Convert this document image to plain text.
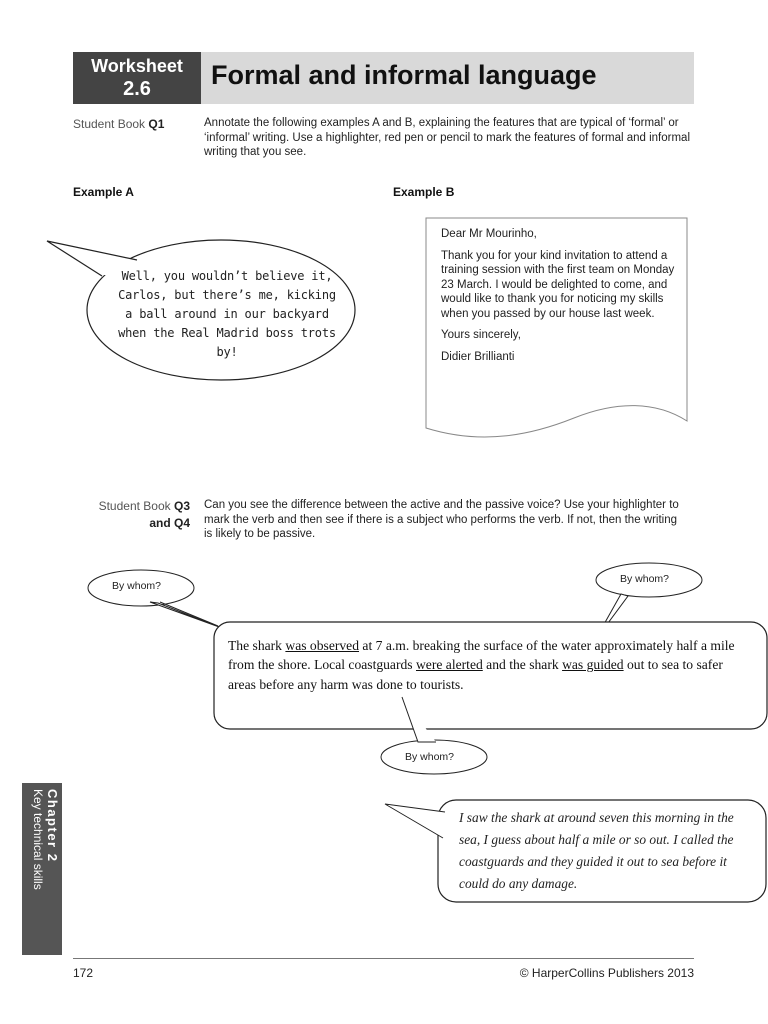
Worksheet
2.6	Formal and informal language
Student Book Q1	Annotate the following examples A and B, explaining the features that are typical of ‘formal’ or ‘informal’ writing. Use a highlighter, red pen or pencil to mark the features of formal and informal writing that you see.
Example A	Example B
Well, you wouldn’t believe it, Carlos, but there’s me, kicking a ball around in our backyard when the Real Madrid boss trots by!

Dear Mr Mourinho,

Thank you for your kind invitation to attend a training session with the first team on Monday 23 March. I would be delighted to come, and would like to thank you for noticing my skills when you passed by our house last week.

Yours sincerely,

Didier Brillianti

Student Book Q3 and Q4
Can you see the difference between the active and the passive voice? Use your highlighter to mark the verb and then see if there is a subject who performs the verb. If not, then the writing is likely to be passive.
By whom?
By whom?
By whom?
The shark was observed at 7 a.m. breaking the surface of the water approximately half a mile from the shore. Local coastguards were alerted and the shark was guided out to sea to safer areas before any harm was done to tourists.
I saw the shark at around seven this morning in the sea, I guess about half a mile or so out. I called the coastguards and they guided it out to sea before it could do any damage.
Chapter 2
Key technical skills
172	© HarperCollins Publishers 2013
